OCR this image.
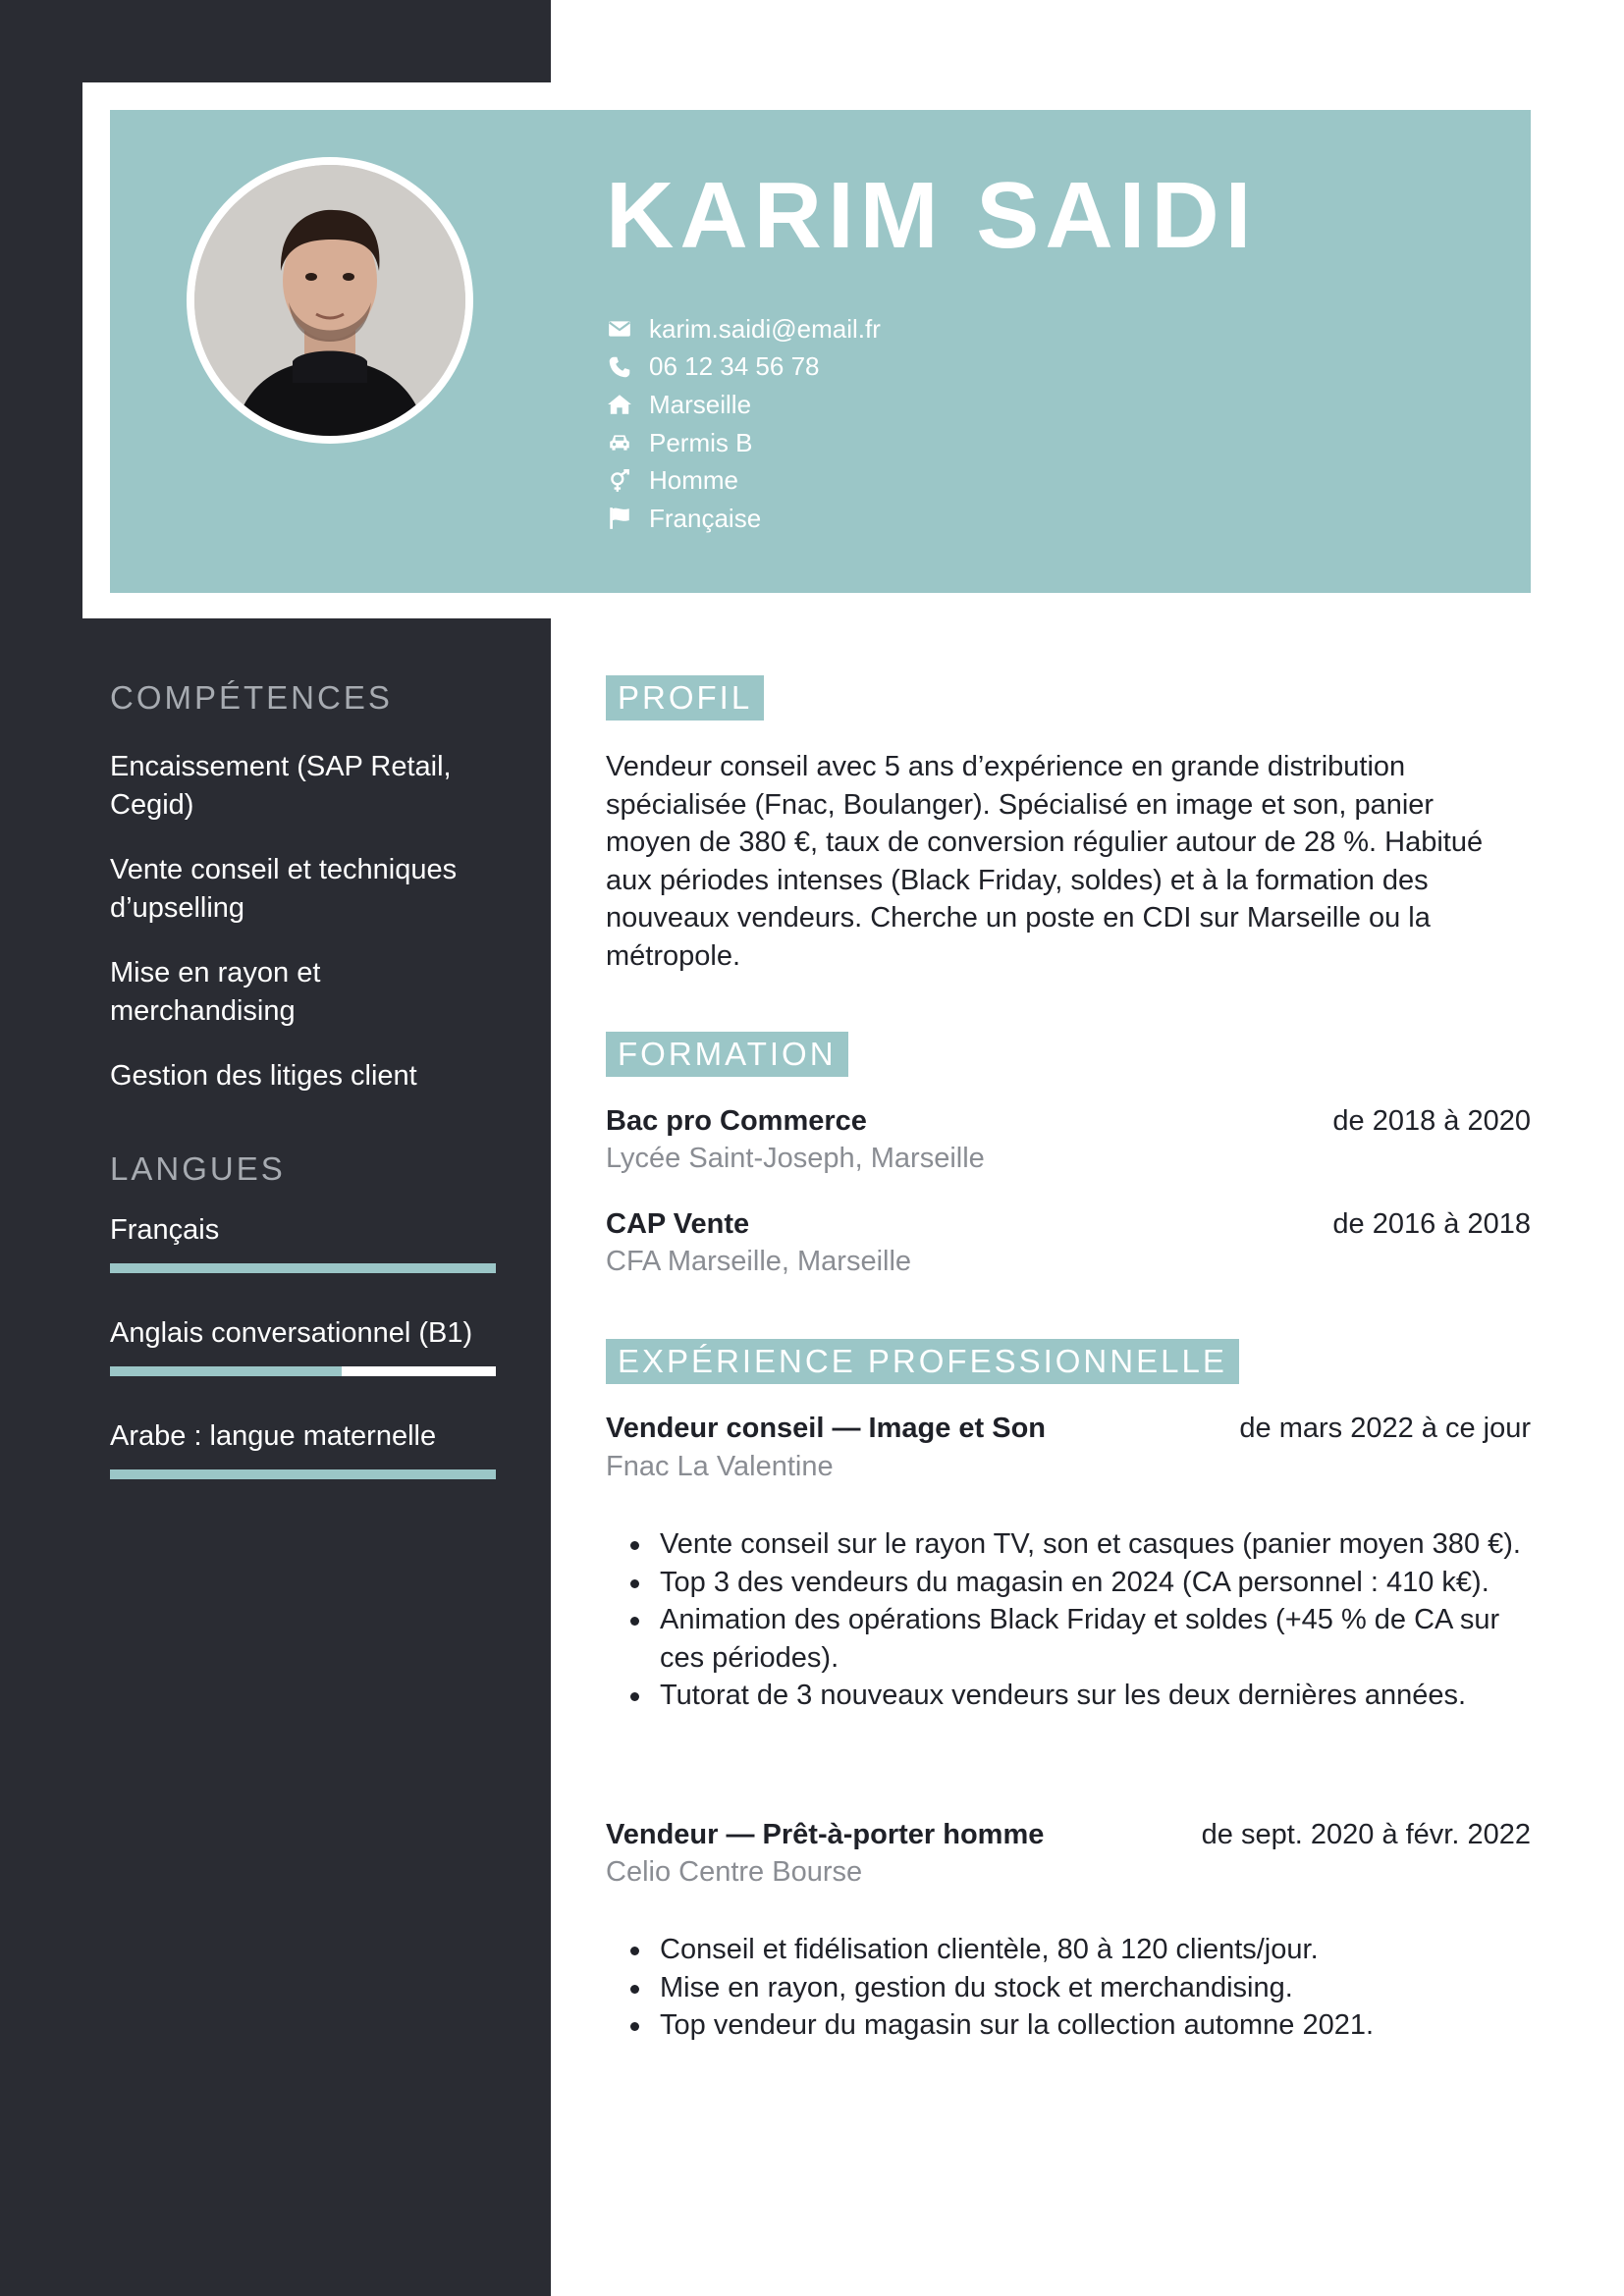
KARIM SAIDI
karim.saidi@email.fr
06 12 34 56 78
Marseille
Permis B
Homme
Française
COMPÉTENCES
Encaissement (SAP Retail, Cegid)
Vente conseil et techniques d’upselling
Mise en rayon et merchandising
Gestion des litiges client
LANGUES
Français
Anglais conversationnel (B1)
Arabe : langue maternelle
PROFIL
Vendeur conseil avec 5 ans d’expérience en grande distribution spécialisée (Fnac, Boulanger). Spécialisé en image et son, panier moyen de 380 €, taux de conversion régulier autour de 28 %. Habitué aux périodes intenses (Black Friday, soldes) et à la formation des nouveaux vendeurs. Cherche un poste en CDI sur Marseille ou la métropole.
FORMATION
Bac pro Commerce	de 2018 à 2020
Lycée Saint-Joseph, Marseille
CAP Vente	de 2016 à 2018
CFA Marseille, Marseille
EXPÉRIENCE PROFESSIONNELLE
Vendeur conseil — Image et Son	de mars 2022 à ce jour
Fnac La Valentine
Vente conseil sur le rayon TV, son et casques (panier moyen 380 €).
Top 3 des vendeurs du magasin en 2024 (CA personnel : 410 k€).
Animation des opérations Black Friday et soldes (+45 % de CA sur ces périodes).
Tutorat de 3 nouveaux vendeurs sur les deux dernières années.
Vendeur — Prêt-à-porter homme	de sept. 2020 à févr. 2022
Celio Centre Bourse
Conseil et fidélisation clientèle, 80 à 120 clients/jour.
Mise en rayon, gestion du stock et merchandising.
Top vendeur du magasin sur la collection automne 2021.
